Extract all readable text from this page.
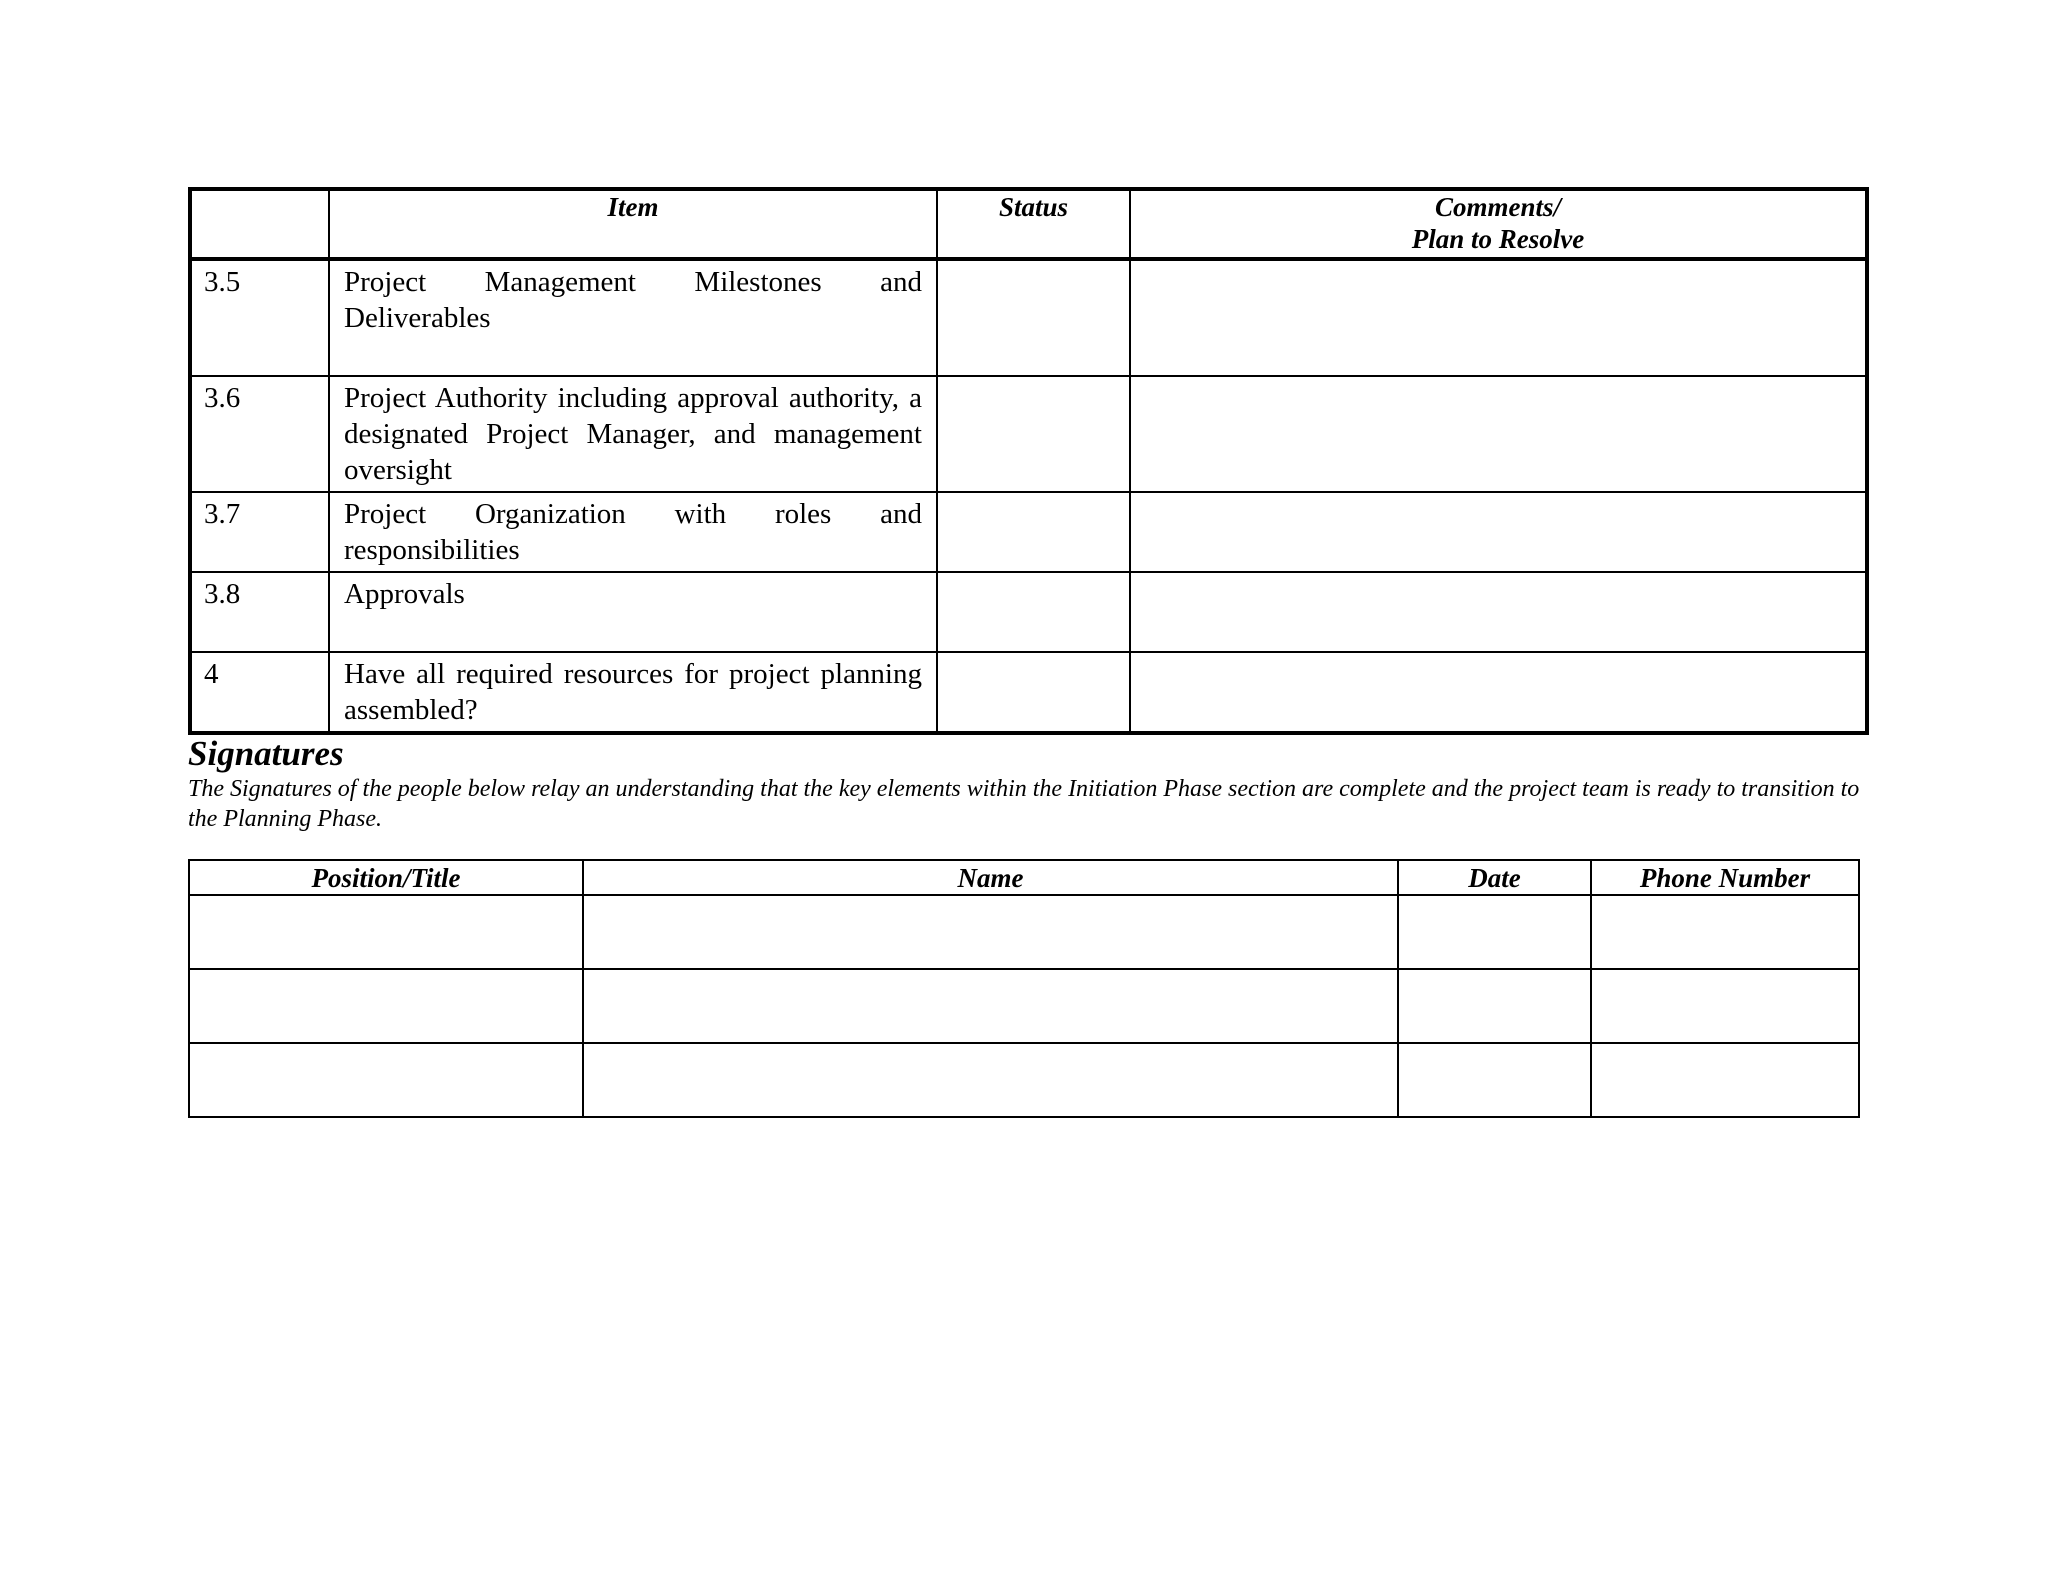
	Item	Status	Comments/
Plan to Resolve

3.5	Project Management Milestones and Deliverables		
3.6	Project Authority including approval authority, a designated Project Manager, and management oversight		
3.7	Project Organization with roles and responsibilities		
3.8	Approvals		
4	Have all required resources for project planning assembled?		
Signatures

The Signatures of the people below relay an understanding that the key elements within the Initiation Phase section are complete and the project team is ready to transition to the Planning Phase.

Position/Title	Name	Date	Phone Number
